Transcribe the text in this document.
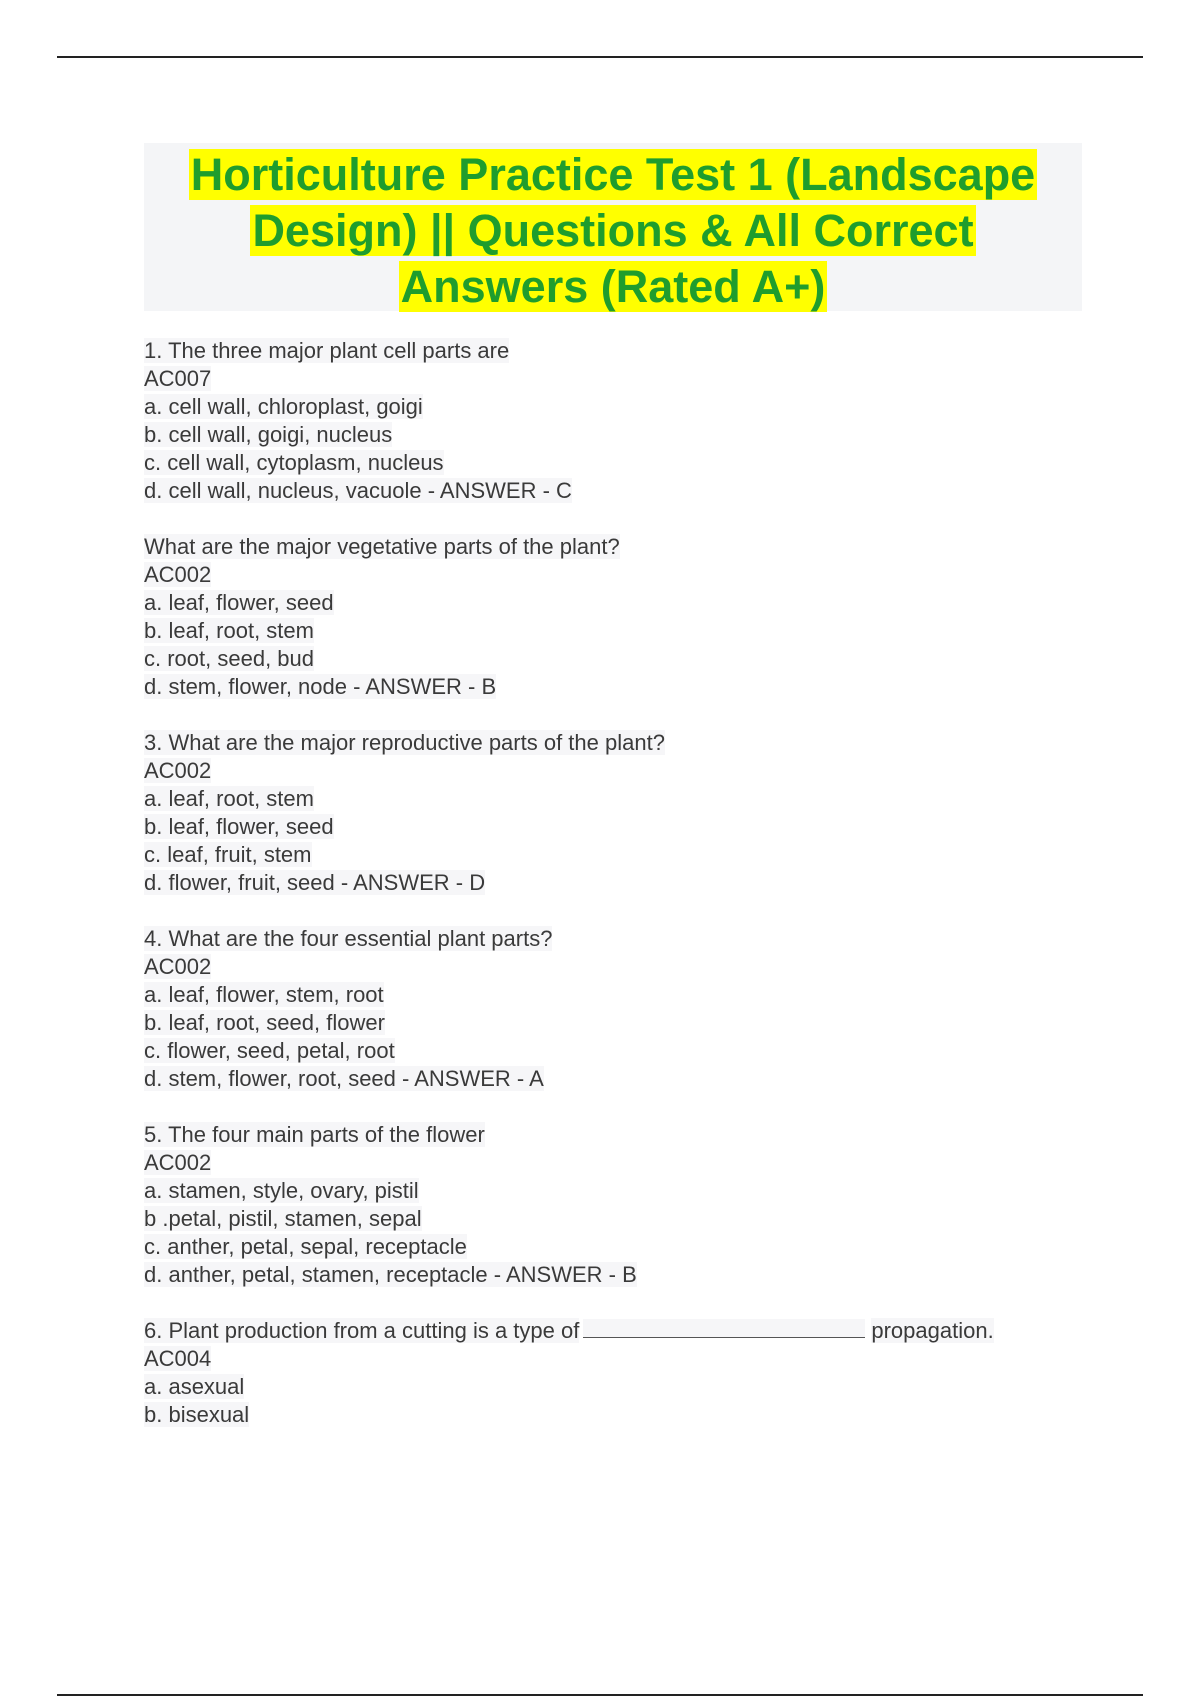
Horticulture Practice Test 1 (Landscape
Design) || Questions & All Correct
Answers (Rated A+)
1. The three major plant cell parts are
AC007
a. cell wall, chloroplast, goigi
b. cell wall, goigi, nucleus
c. cell wall, cytoplasm, nucleus
d. cell wall, nucleus, vacuole - ANSWER - C
What are the major vegetative parts of the plant?
AC002
a. leaf, flower, seed
b. leaf, root, stem
c. root, seed, bud
d. stem, flower, node - ANSWER - B
3. What are the major reproductive parts of the plant?
AC002
a. leaf, root, stem
b. leaf, flower, seed
c. leaf, fruit, stem
d. flower, fruit, seed - ANSWER - D
4. What are the four essential plant parts?
AC002
a. leaf, flower, stem, root
b. leaf, root, seed, flower
c. flower, seed, petal, root
d. stem, flower, root, seed - ANSWER - A
5. The four main parts of the flower
AC002
a. stamen, style, ovary, pistil
b .petal, pistil, stamen, sepal
c. anther, petal, sepal, receptacle
d. anther, petal, stamen, receptacle - ANSWER - B
6. Plant production from a cutting is a type of	propagation.
AC004
a. asexual
b. bisexual
